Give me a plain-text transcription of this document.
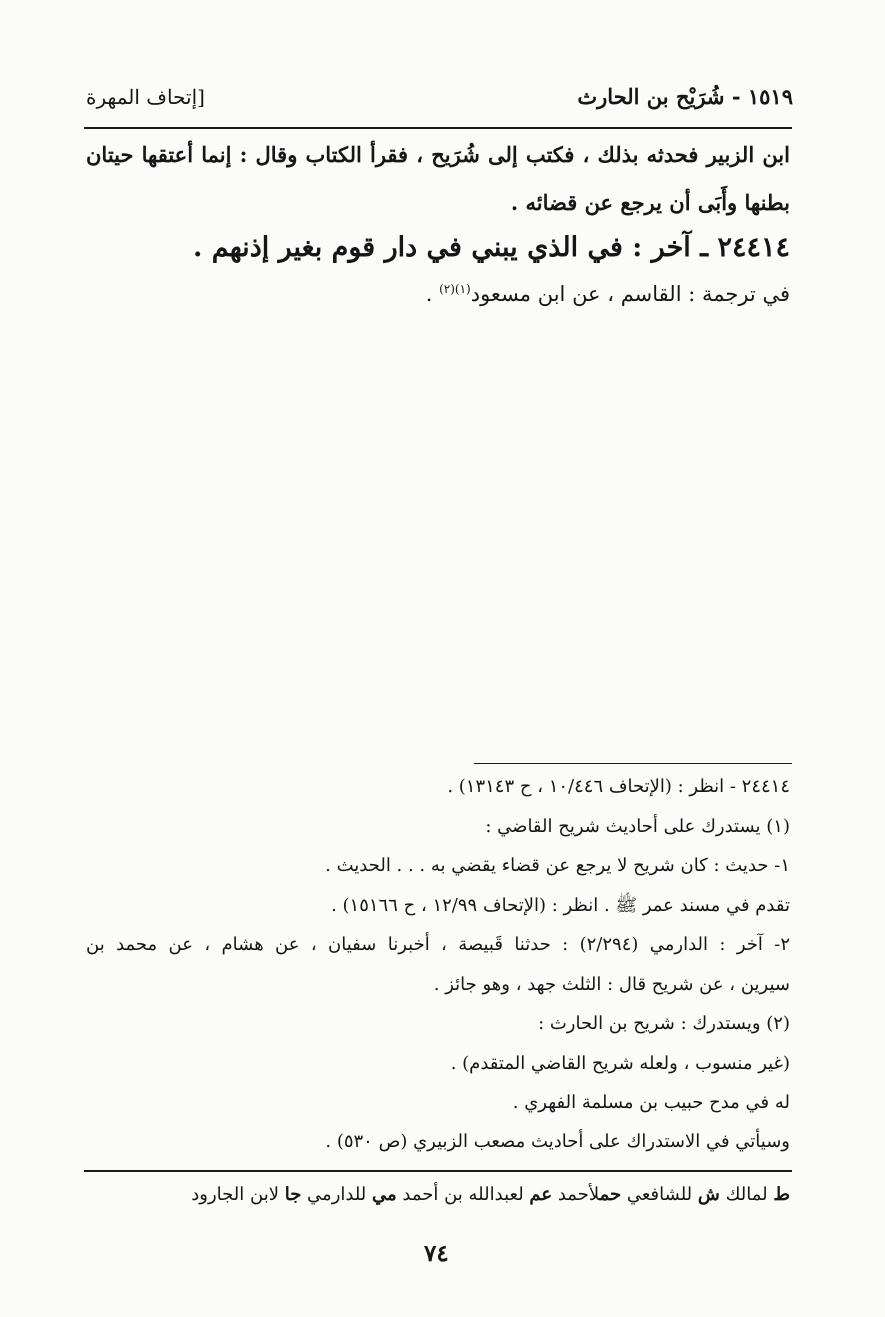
١٥١٩ - شُرَيْح بن الحارث
[إتحاف المهرة
ابن الزبير فحدثه بذلك ، فكتب إلى شُرَيح ، فقرأ الكتاب وقال : إنما أعتقها حيتان
بطنها وأَبَى أن يرجع عن قضائه .
٢٤٤١٤ ـ آخر : في الذي يبني في دار قوم بغير إذنهم .
في ترجمة : القاسم ، عن ابن مسعود$^{(١)(٢)}$ .
٢٤٤١٤ - انظر : (الإتحاف ١٠/٤٤٦ ، ح ١٣١٤٣) .
(١) يستدرك على أحاديث شريح القاضي :
١- حديث : كان شريح لا يرجع عن قضاء يقضي به . . . الحديث .
تقدم في مسند عمر ﷺ . انظر : (الإتحاف ١٢/٩٩ ، ح ١٥١٦٦) .
٢- آخر : الدارمي (٢/٢٩٤) : حدثنا قَبيصة ، أخبرنا سفيان ، عن هشام ، عن محمد بن
سيرين ، عن شريح قال : الثلث جهد ، وهو جائز .
(٢) ويستدرك : شريح بن الحارث :
(غير منسوب ، ولعله شريح القاضي المتقدم) .
له في مدح حبيب بن مسلمة الفهري .
وسيأتي في الاستدراك على أحاديث مصعب الزبيري (ص ٥٣٠) .
ط لمالك ش للشافعي حملأحمد عم لعبدالله بن أحمد مي للدارمي جا لابن الجارود
٧٤
